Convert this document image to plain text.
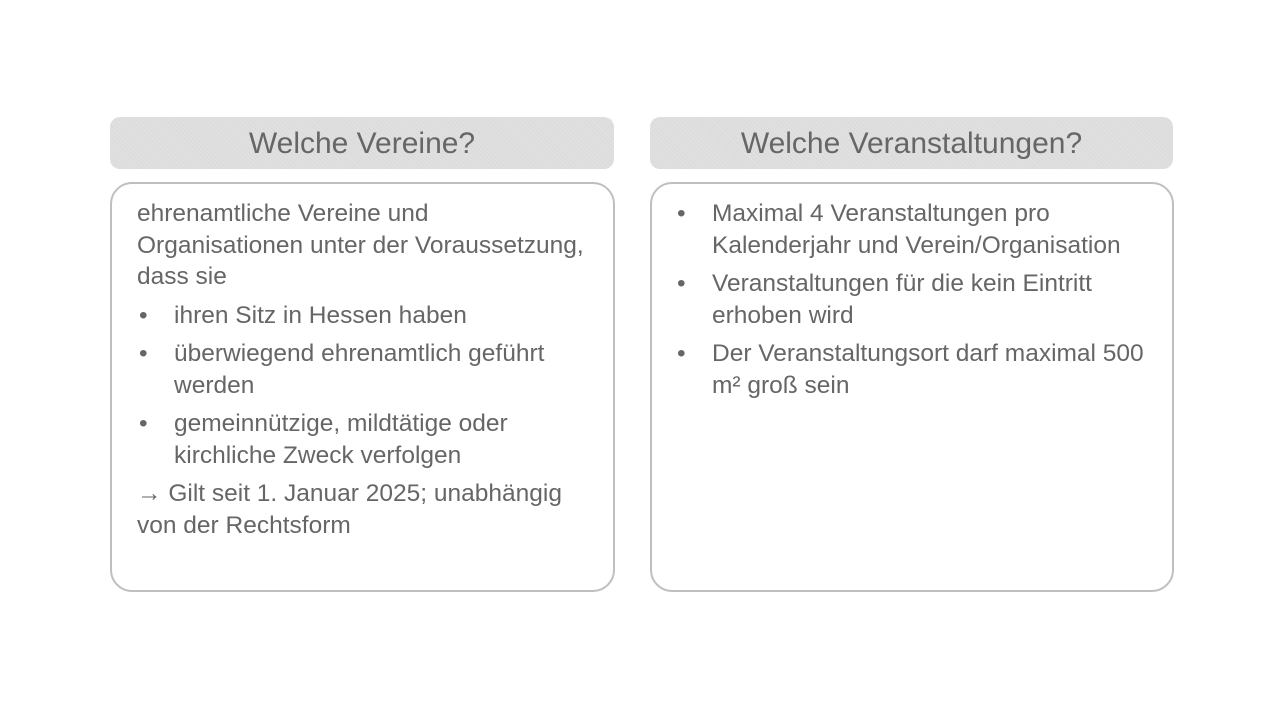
Welche Vereine?	Welche Veranstaltungen?

ehrenamtliche Vereine und Organisationen unter der Voraussetzung, dass sie

• ihren Sitz in Hessen haben
• überwiegend ehrenamtlich geführt werden
• gemeinnützige, mildtätige oder kirchliche Zweck verfolgen
→ Gilt seit 1. Januar 2025; unabhängig von der Rechtsform
• Maximal 4 Veranstaltungen pro Kalenderjahr und Verein/Organisation
• Veranstaltungen für die kein Eintritt erhoben wird
• Der Veranstaltungsort darf maximal 500 m² groß sein
